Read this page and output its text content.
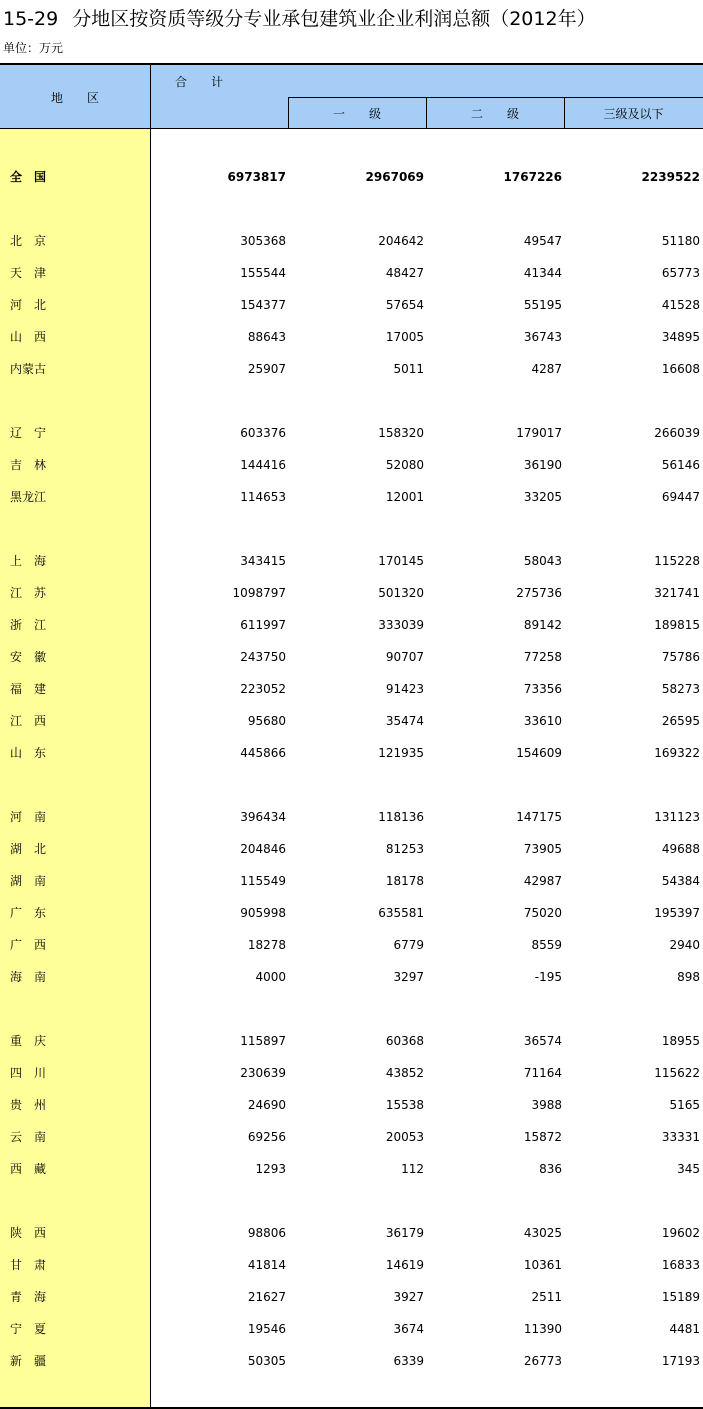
15-29 分地区按资质等级分专业承包建筑业企业利润总额（2012年）
单位：万元
地　　区
合　　计
一　　级	二　　级	三级及以下
全　国	6973817	2967069	1767226	2239522
北　京	305368	204642	49547	51180
天　津	155544	48427	41344	65773
河　北	154377	57654	55195	41528
山　西	88643	17005	36743	34895
内蒙古	25907	5011	4287	16608
辽　宁	603376	158320	179017	266039
吉　林	144416	52080	36190	56146
黑龙江	114653	12001	33205	69447
上　海	343415	170145	58043	115228
江　苏	1098797	501320	275736	321741
浙　江	611997	333039	89142	189815
安　徽	243750	90707	77258	75786
福　建	223052	91423	73356	58273
江　西	95680	35474	33610	26595
山　东	445866	121935	154609	169322
河　南	396434	118136	147175	131123
湖　北	204846	81253	73905	49688
湖　南	115549	18178	42987	54384
广　东	905998	635581	75020	195397
广　西	18278	6779	8559	2940
海　南	4000	3297	-195	898
重　庆	115897	60368	36574	18955
四　川	230639	43852	71164	115622
贵　州	24690	15538	3988	5165
云　南	69256	20053	15872	33331
西　藏	1293	112	836	345
陕　西	98806	36179	43025	19602
甘　肃	41814	14619	10361	16833
青　海	21627	3927	2511	15189
宁　夏	19546	3674	11390	4481
新　疆	50305	6339	26773	17193
